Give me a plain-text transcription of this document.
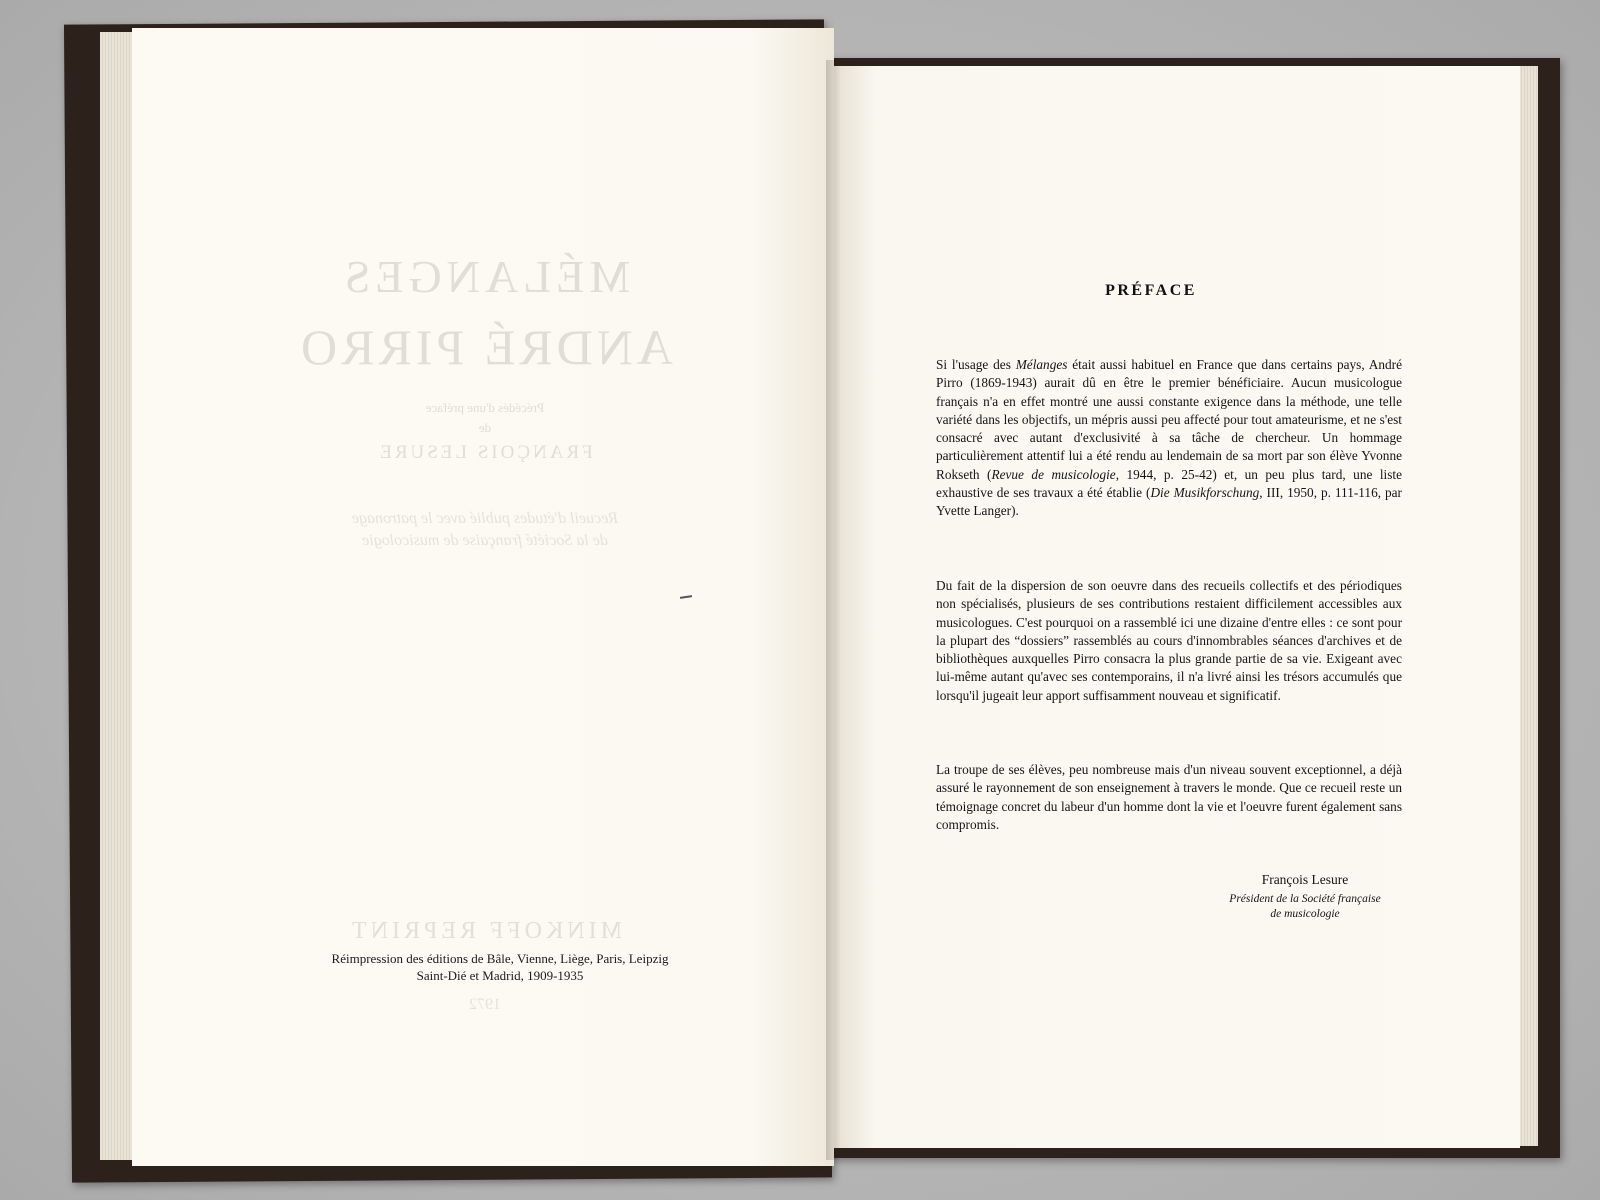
MÉLANGES
ANDRÉ PIRRO
Précédés d'une préface
de
FRANÇOIS LESURE
Recueil d'études publié avec le patronage
de la Société française de musicologie
MINKOFF REPRINT
1972
Réimpression des éditions de Bâle, Vienne, Liège, Paris, Leipzig
Saint-Dié et Madrid, 1909-1935
PRÉFACE

Si l'usage des Mélanges était aussi habituel en France que dans certains pays, André Pirro (1869-1943) aurait dû en être le premier bénéficiaire. Aucun musicologue français n'a en effet montré une aussi constante exigence dans la méthode, une telle variété dans les objectifs, un mépris aussi peu affecté pour tout amateurisme, et ne s'est consacré avec autant d'exclusivité à sa tâche de chercheur. Un hommage particulièrement attentif lui a été rendu au lendemain de sa mort par son élève Yvonne Rokseth (Revue de musicologie, 1944, p. 25-42) et, un peu plus tard, une liste exhaustive de ses travaux a été établie (Die Musikforschung, III, 1950, p. 111-116, par Yvette Langer).

Du fait de la dispersion de son oeuvre dans des recueils collectifs et des périodiques non spécialisés, plusieurs de ses contributions restaient difficilement accessibles aux musicologues. C'est pourquoi on a rassemblé ici une dizaine d'entre elles : ce sont pour la plupart des “dossiers” rassemblés au cours d'innombrables séances d'archives et de bibliothèques auxquelles Pirro consacra la plus grande partie de sa vie. Exigeant avec lui-même autant qu'avec ses contemporains, il n'a livré ainsi les trésors accumulés que lorsqu'il jugeait leur apport suffisamment nouveau et significatif.

La troupe de ses élèves, peu nombreuse mais d'un niveau souvent exceptionnel, a déjà assuré le rayonnement de son enseignement à travers le monde. Que ce recueil reste un témoignage concret du labeur d'un homme dont la vie et l'oeuvre furent également sans compromis.

François Lesure
Président de la Société française
de musicologie
